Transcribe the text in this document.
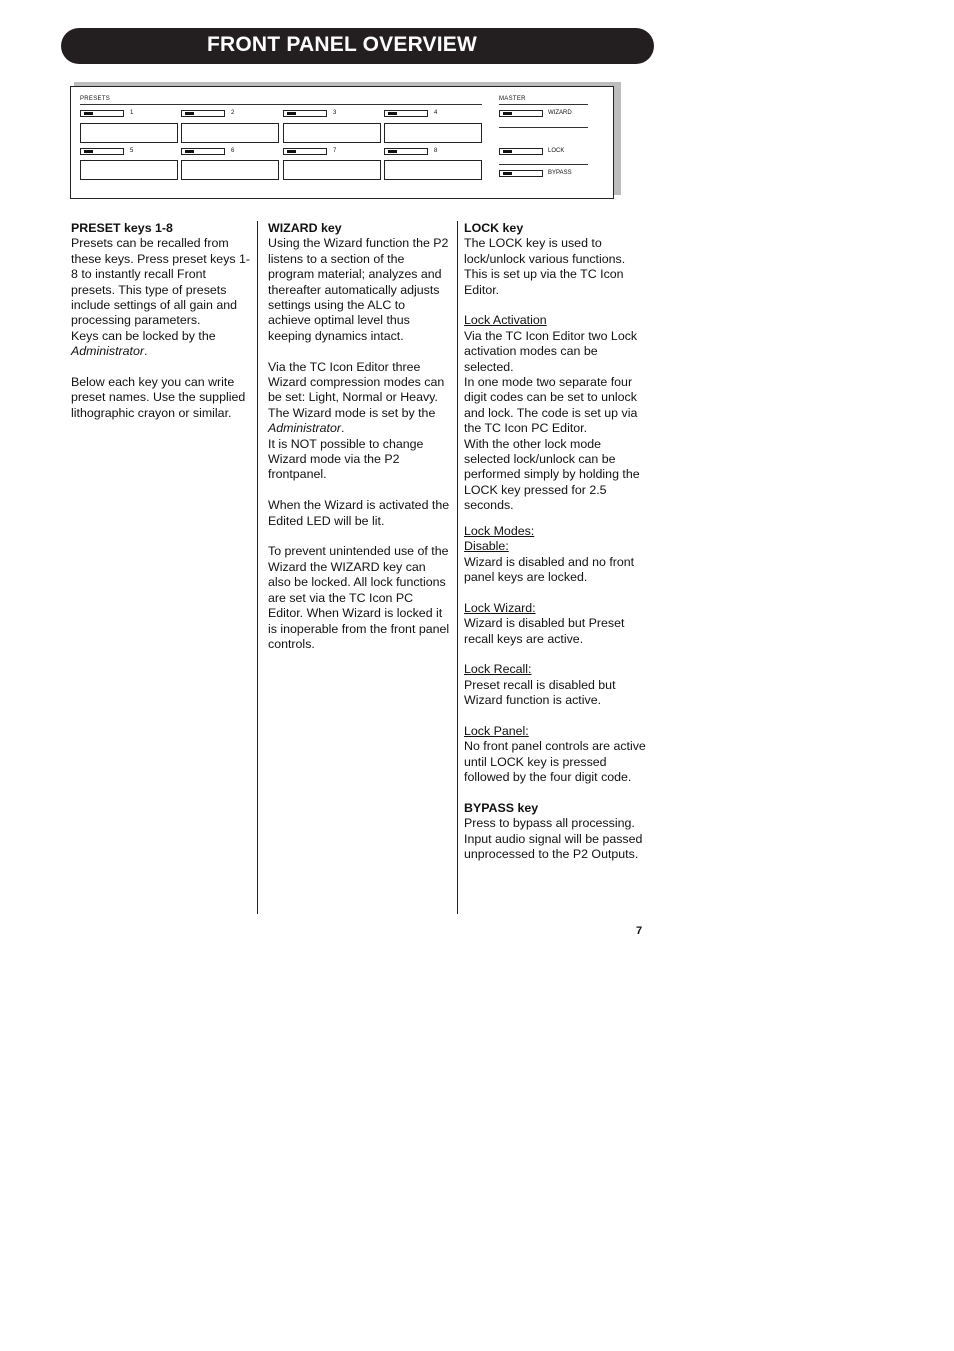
FRONT PANEL OVERVIEW
PRESETS	MASTER
1	2	3	4
5	6	7	8
WIZARD
LOCK
BYPASS

PRESET keys 1-8

Presets can be recalled from these keys. Press preset keys 1-8 to instantly recall Front presets. This type of presets include settings of all gain and processing parameters.

Keys can be locked by the Administrator.

Below each key you can write preset names. Use the supplied lithographic crayon or similar.

WIZARD key

Using the Wizard function the P2 listens to a section of the program material; analyzes and thereafter automatically adjusts settings using the ALC to achieve optimal level thus keeping dynamics intact.

Via the TC Icon Editor three Wizard compression modes can be set: Light, Normal or Heavy. The Wizard mode is set by the Administrator.

It is NOT possible to change Wizard mode via the P2 frontpanel.

When the Wizard is activated the Edited LED will be lit.

To prevent unintended use of the Wizard the WIZARD key can also be locked. All lock functions are set via the TC Icon PC Editor. When Wizard is locked it is inoperable from the front panel controls.

LOCK key

The LOCK key is used to lock/unlock various functions. This is set up via the TC Icon Editor.

Lock Activation

Via the TC Icon Editor two Lock activation modes can be selected.

In one mode two separate four digit codes can be set to unlock and lock. The code is set up via the TC Icon PC Editor.

With the other lock mode selected lock/unlock can be performed simply by holding the LOCK key pressed for 2.5 seconds.

Lock Modes:

Disable:

Wizard is disabled and no front panel keys are locked.

Lock Wizard:

Wizard is disabled but Preset recall keys are active.

Lock Recall:

Preset recall is disabled but Wizard function is active.

Lock Panel:

No front panel controls are active until LOCK key is pressed followed by the four digit code.

BYPASS key

Press to bypass all processing. Input audio signal will be passed unprocessed to the P2 Outputs.

7
